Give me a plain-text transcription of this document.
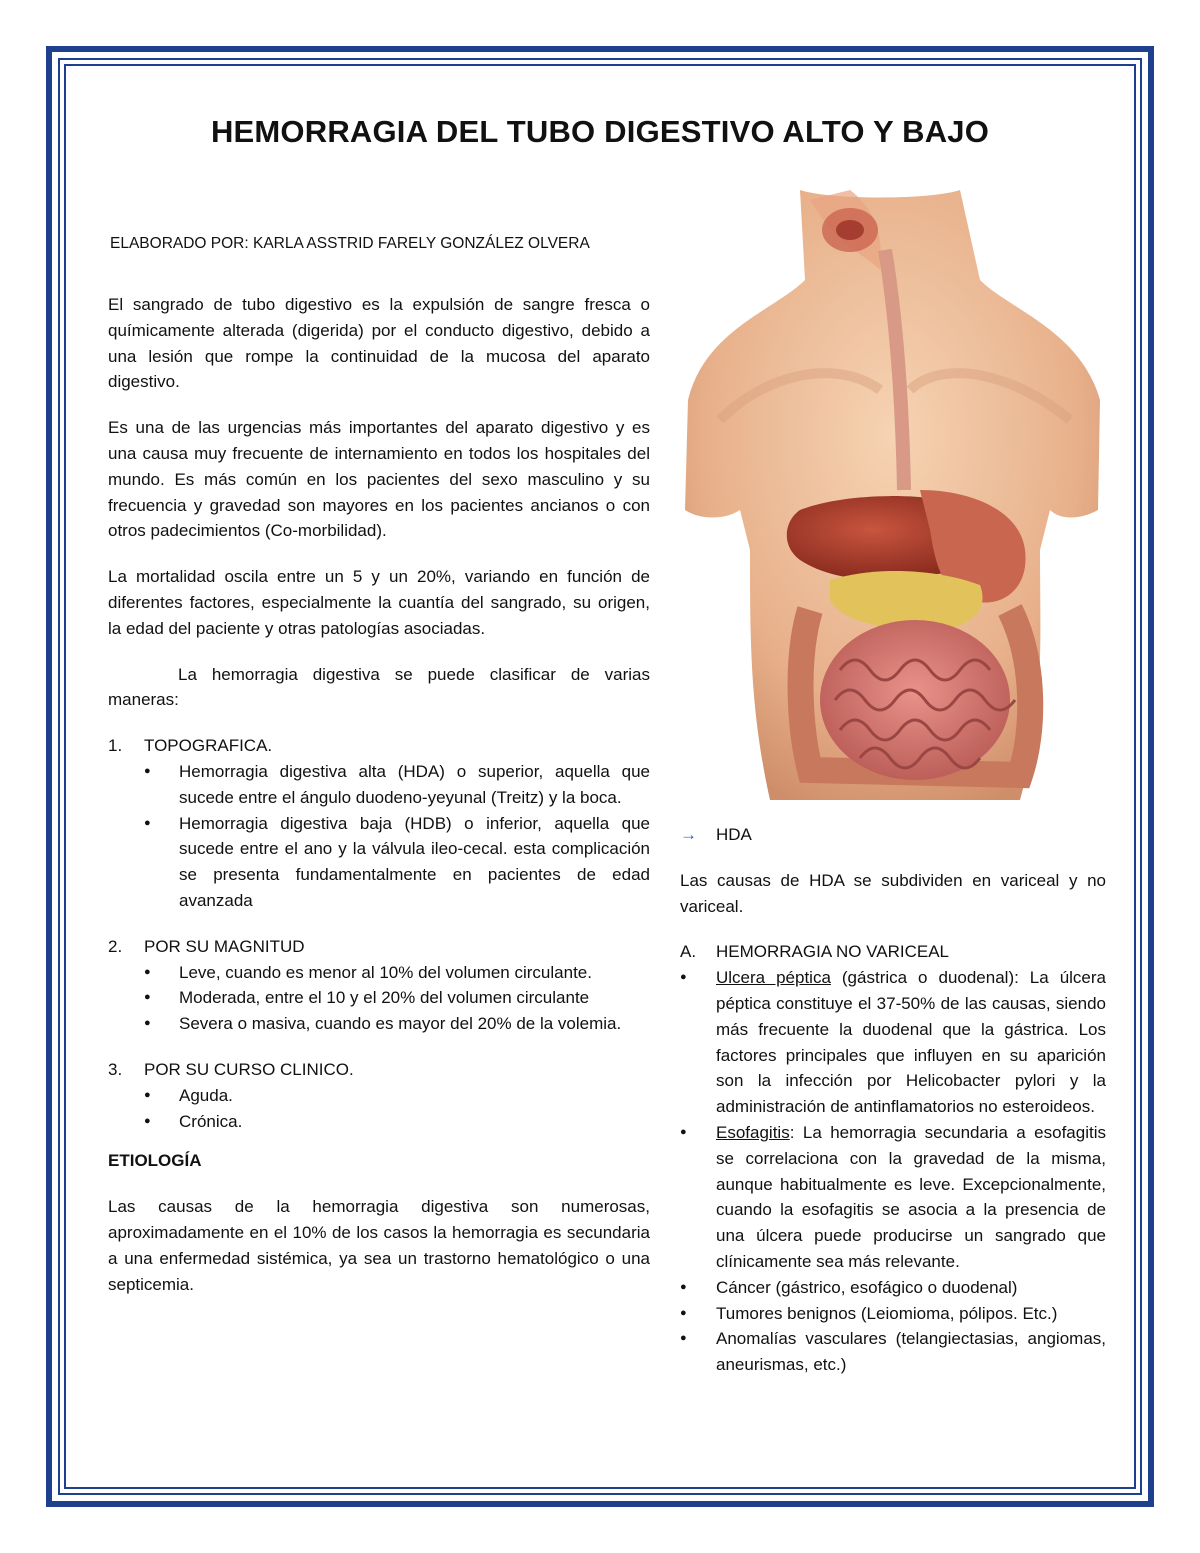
HEMORRAGIA DEL TUBO DIGESTIVO ALTO Y BAJO
ELABORADO POR: KARLA ASSTRID FARELY GONZÁLEZ OLVERA

El sangrado de tubo digestivo es la expulsión de sangre fresca o químicamente alterada (digerida) por el conducto digestivo, debido a una lesión que rompe la continuidad de la mucosa del aparato digestivo.

Es una de las urgencias más importantes del aparato digestivo y es una causa muy frecuente de internamiento en todos los hospitales del mundo. Es más común en los pacientes del sexo masculino y su frecuencia y gravedad son mayores en los pacientes ancianos o con otros padecimientos (Co-morbilidad).

La mortalidad oscila entre un 5 y un 20%, variando en función de diferentes factores, especialmente la cuantía del sangrado, su origen, la edad del paciente y otras patologías asociadas.

La hemorragia digestiva se puede clasificar de varias maneras:

1. TOPOGRAFICA.
● Hemorragia digestiva alta (HDA) o superior, aquella que sucede entre el ángulo duodeno-yeyunal (Treitz) y la boca.
● Hemorragia digestiva baja (HDB) o inferior, aquella que sucede entre el ano y la válvula ileo-cecal. esta complicación se presenta fundamentalmente en pacientes de edad avanzada
2. POR SU MAGNITUD
● Leve, cuando es menor al 10% del volumen circulante.
● Moderada, entre el 10 y el 20% del volumen circulante
● Severa o masiva, cuando es mayor del 20% de la volemia.
3. POR SU CURSO CLINICO.
● Aguda.
● Crónica.
ETIOLOGÍA

Las causas de la hemorragia digestiva son numerosas, aproximadamente en el 10% de los casos la hemorragia es secundaria a una enfermedad sistémica, ya sea un trastorno hematológico o una septicemia.

→ HDA

Las causas de HDA se subdividen en variceal y no variceal.

A. HEMORRAGIA NO VARICEAL
● Ulcera péptica (gástrica o duodenal): La úlcera péptica constituye el 37-50% de las causas, siendo más frecuente la duodenal que la gástrica. Los factores principales que influyen en su aparición son la infección por Helicobacter pylori y la administración de antinflamatorios no esteroideos.
● Esofagitis: La hemorragia secundaria a esofagitis se correlaciona con la gravedad de la misma, aunque habitualmente es leve. Excepcionalmente, cuando la esofagitis se asocia a la presencia de una úlcera puede producirse un sangrado que clínicamente sea más relevante.
● Cáncer (gástrico, esofágico o duodenal)
● Tumores benignos (Leiomioma, pólipos. Etc.)
● Anomalías vasculares (telangiectasias, angiomas, aneurismas, etc.)
